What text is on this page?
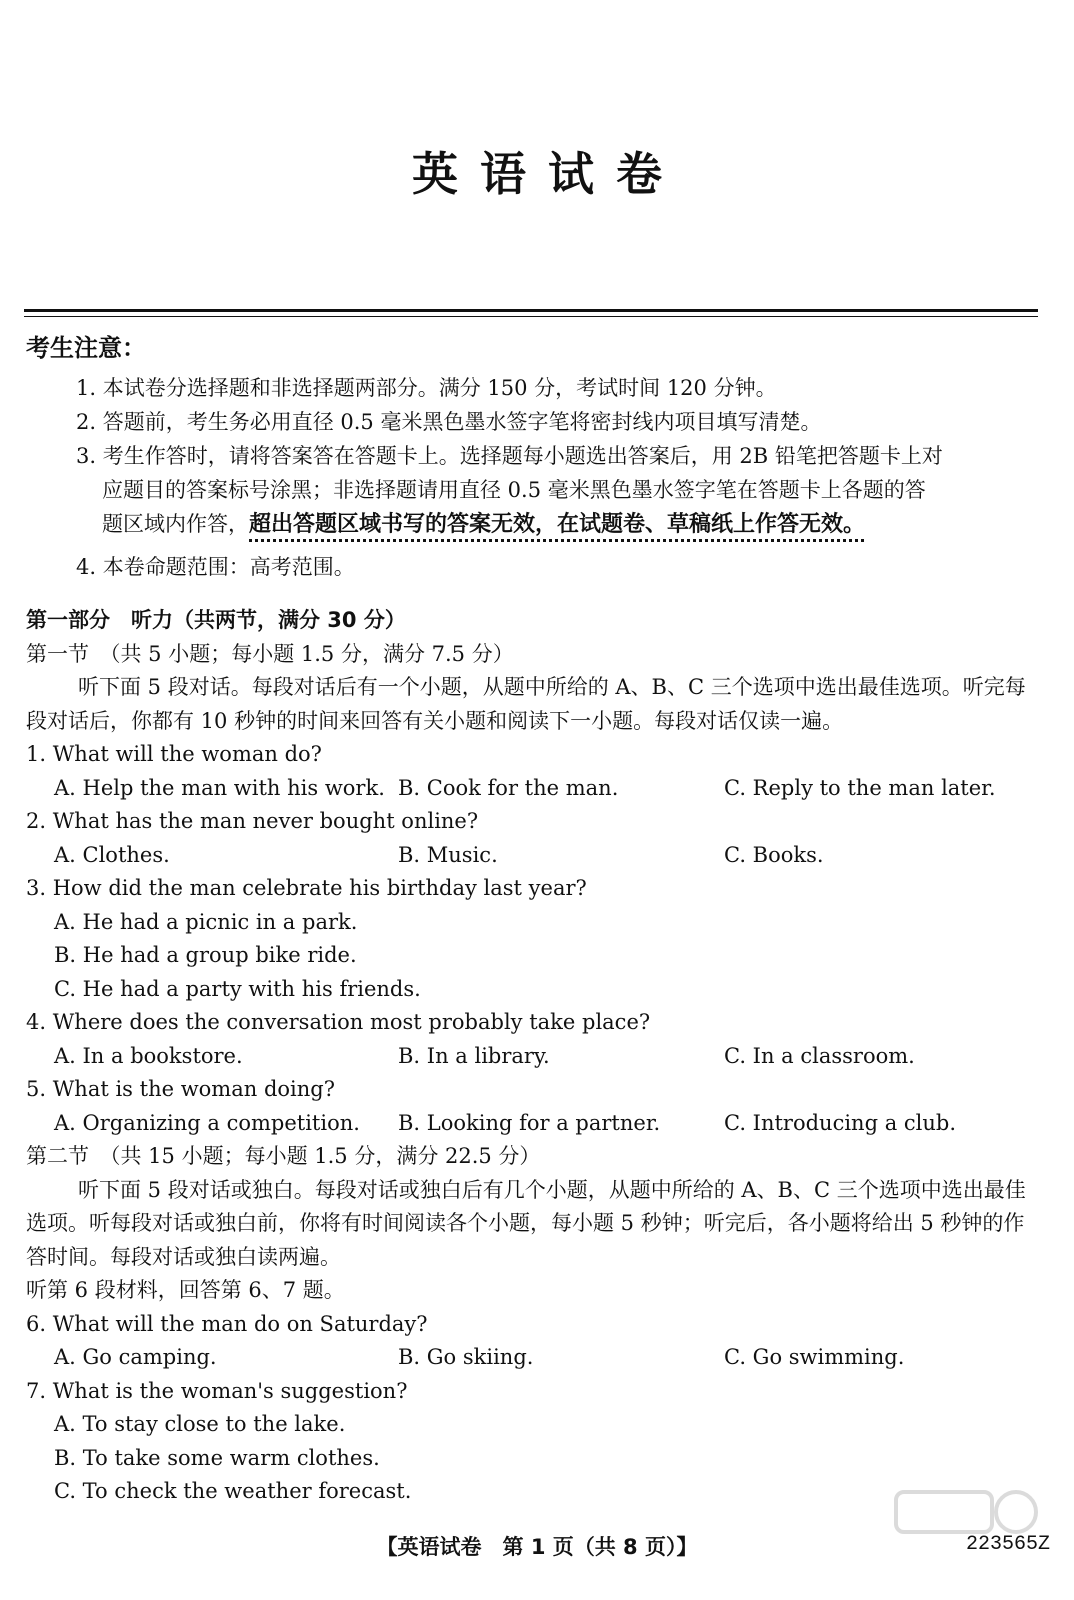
英语试卷
考生注意：
1. 本试卷分选择题和非选择题两部分。满分 150 分，考试时间 120 分钟。
2. 答题前，考生务必用直径 0.5 毫米黑色墨水签字笔将密封线内项目填写清楚。
3. 考生作答时，请将答案答在答题卡上。选择题每小题选出答案后，用 2B 铅笔把答题卡上对
应题目的答案标号涂黑；非选择题请用直径 0.5 毫米黑色墨水签字笔在答题卡上各题的答
题区域内作答，超出答题区域书写的答案无效，在试题卷、草稿纸上作答无效。
4. 本卷命题范围：高考范围。
第一部分　听力（共两节，满分 30 分）
第一节　（共 5 小题；每小题 1.5 分，满分 7.5 分）
听下面 5 段对话。每段对话后有一个小题，从题中所给的 A、B、C 三个选项中选出最佳选项。听完每段对话后，你都有 10 秒钟的时间来回答有关小题和阅读下一小题。每段对话仅读一遍。
1. What will the woman do?
A. Help the man with his work. B. Cook for the man.	C. Reply to the man later.
2. What has the man never bought online?
A. Clothes.	B. Music.	C. Books.
3. How did the man celebrate his birthday last year?
A. He had a picnic in a park.
B. He had a group bike ride.
C. He had a party with his friends.
4. Where does the conversation most probably take place?
A. In a bookstore.	B. In a library.	C. In a classroom.
5. What is the woman doing?
A. Organizing a competition.	B. Looking for a partner.	C. Introducing a club.
第二节　（共 15 小题；每小题 1.5 分，满分 22.5 分）
听下面 5 段对话或独白。每段对话或独白后有几个小题，从题中所给的 A、B、C 三个选项中选出最佳选项。听每段对话或独白前，你将有时间阅读各个小题，每小题 5 秒钟；听完后，各小题将给出 5 秒钟的作答时间。每段对话或独白读两遍。
听第 6 段材料，回答第 6、7 题。
6. What will the man do on Saturday?
A. Go camping.	B. Go skiing.	C. Go swimming.
7. What is the woman's suggestion?
A. To stay close to the lake.
B. To take some warm clothes.
C. To check the weather forecast.
【英语试卷　第 1 页（共 8 页）】	223565Z
